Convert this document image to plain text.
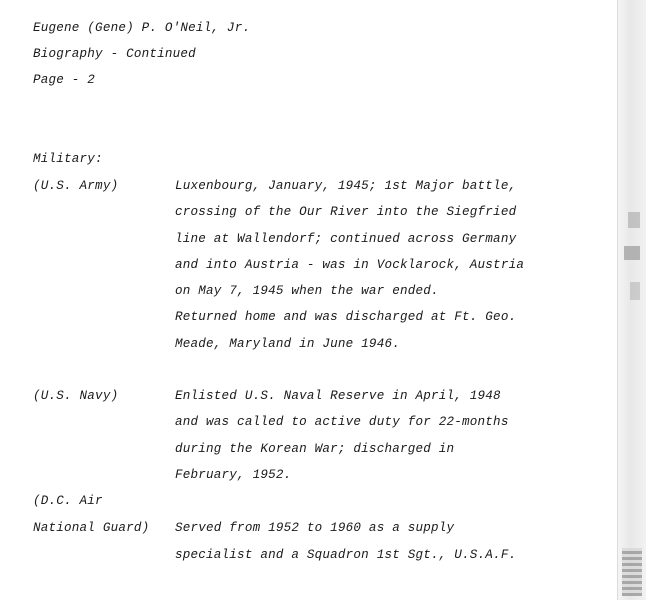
Eugene (Gene) P. O'Neil, Jr.
Biography - Continued
Page - 2
Military:
(U.S. Army)	Luxenbourg, January, 1945; 1st Major battle,
crossing of the Our River into the Siegfried
line at Wallendorf; continued across Germany
and into Austria - was in Vocklarock, Austria
on May 7, 1945 when the war ended.
Returned home and was discharged at Ft. Geo.
Meade, Maryland in June 1946.
(U.S. Navy)	Enlisted U.S. Naval Reserve in April, 1948
and was called to active duty for 22-months
during the Korean War; discharged in
February, 1952.
(D.C. Air
National Guard) Served from 1952 to 1960 as a supply
specialist and a Squadron 1st Sgt., U.S.A.F.
